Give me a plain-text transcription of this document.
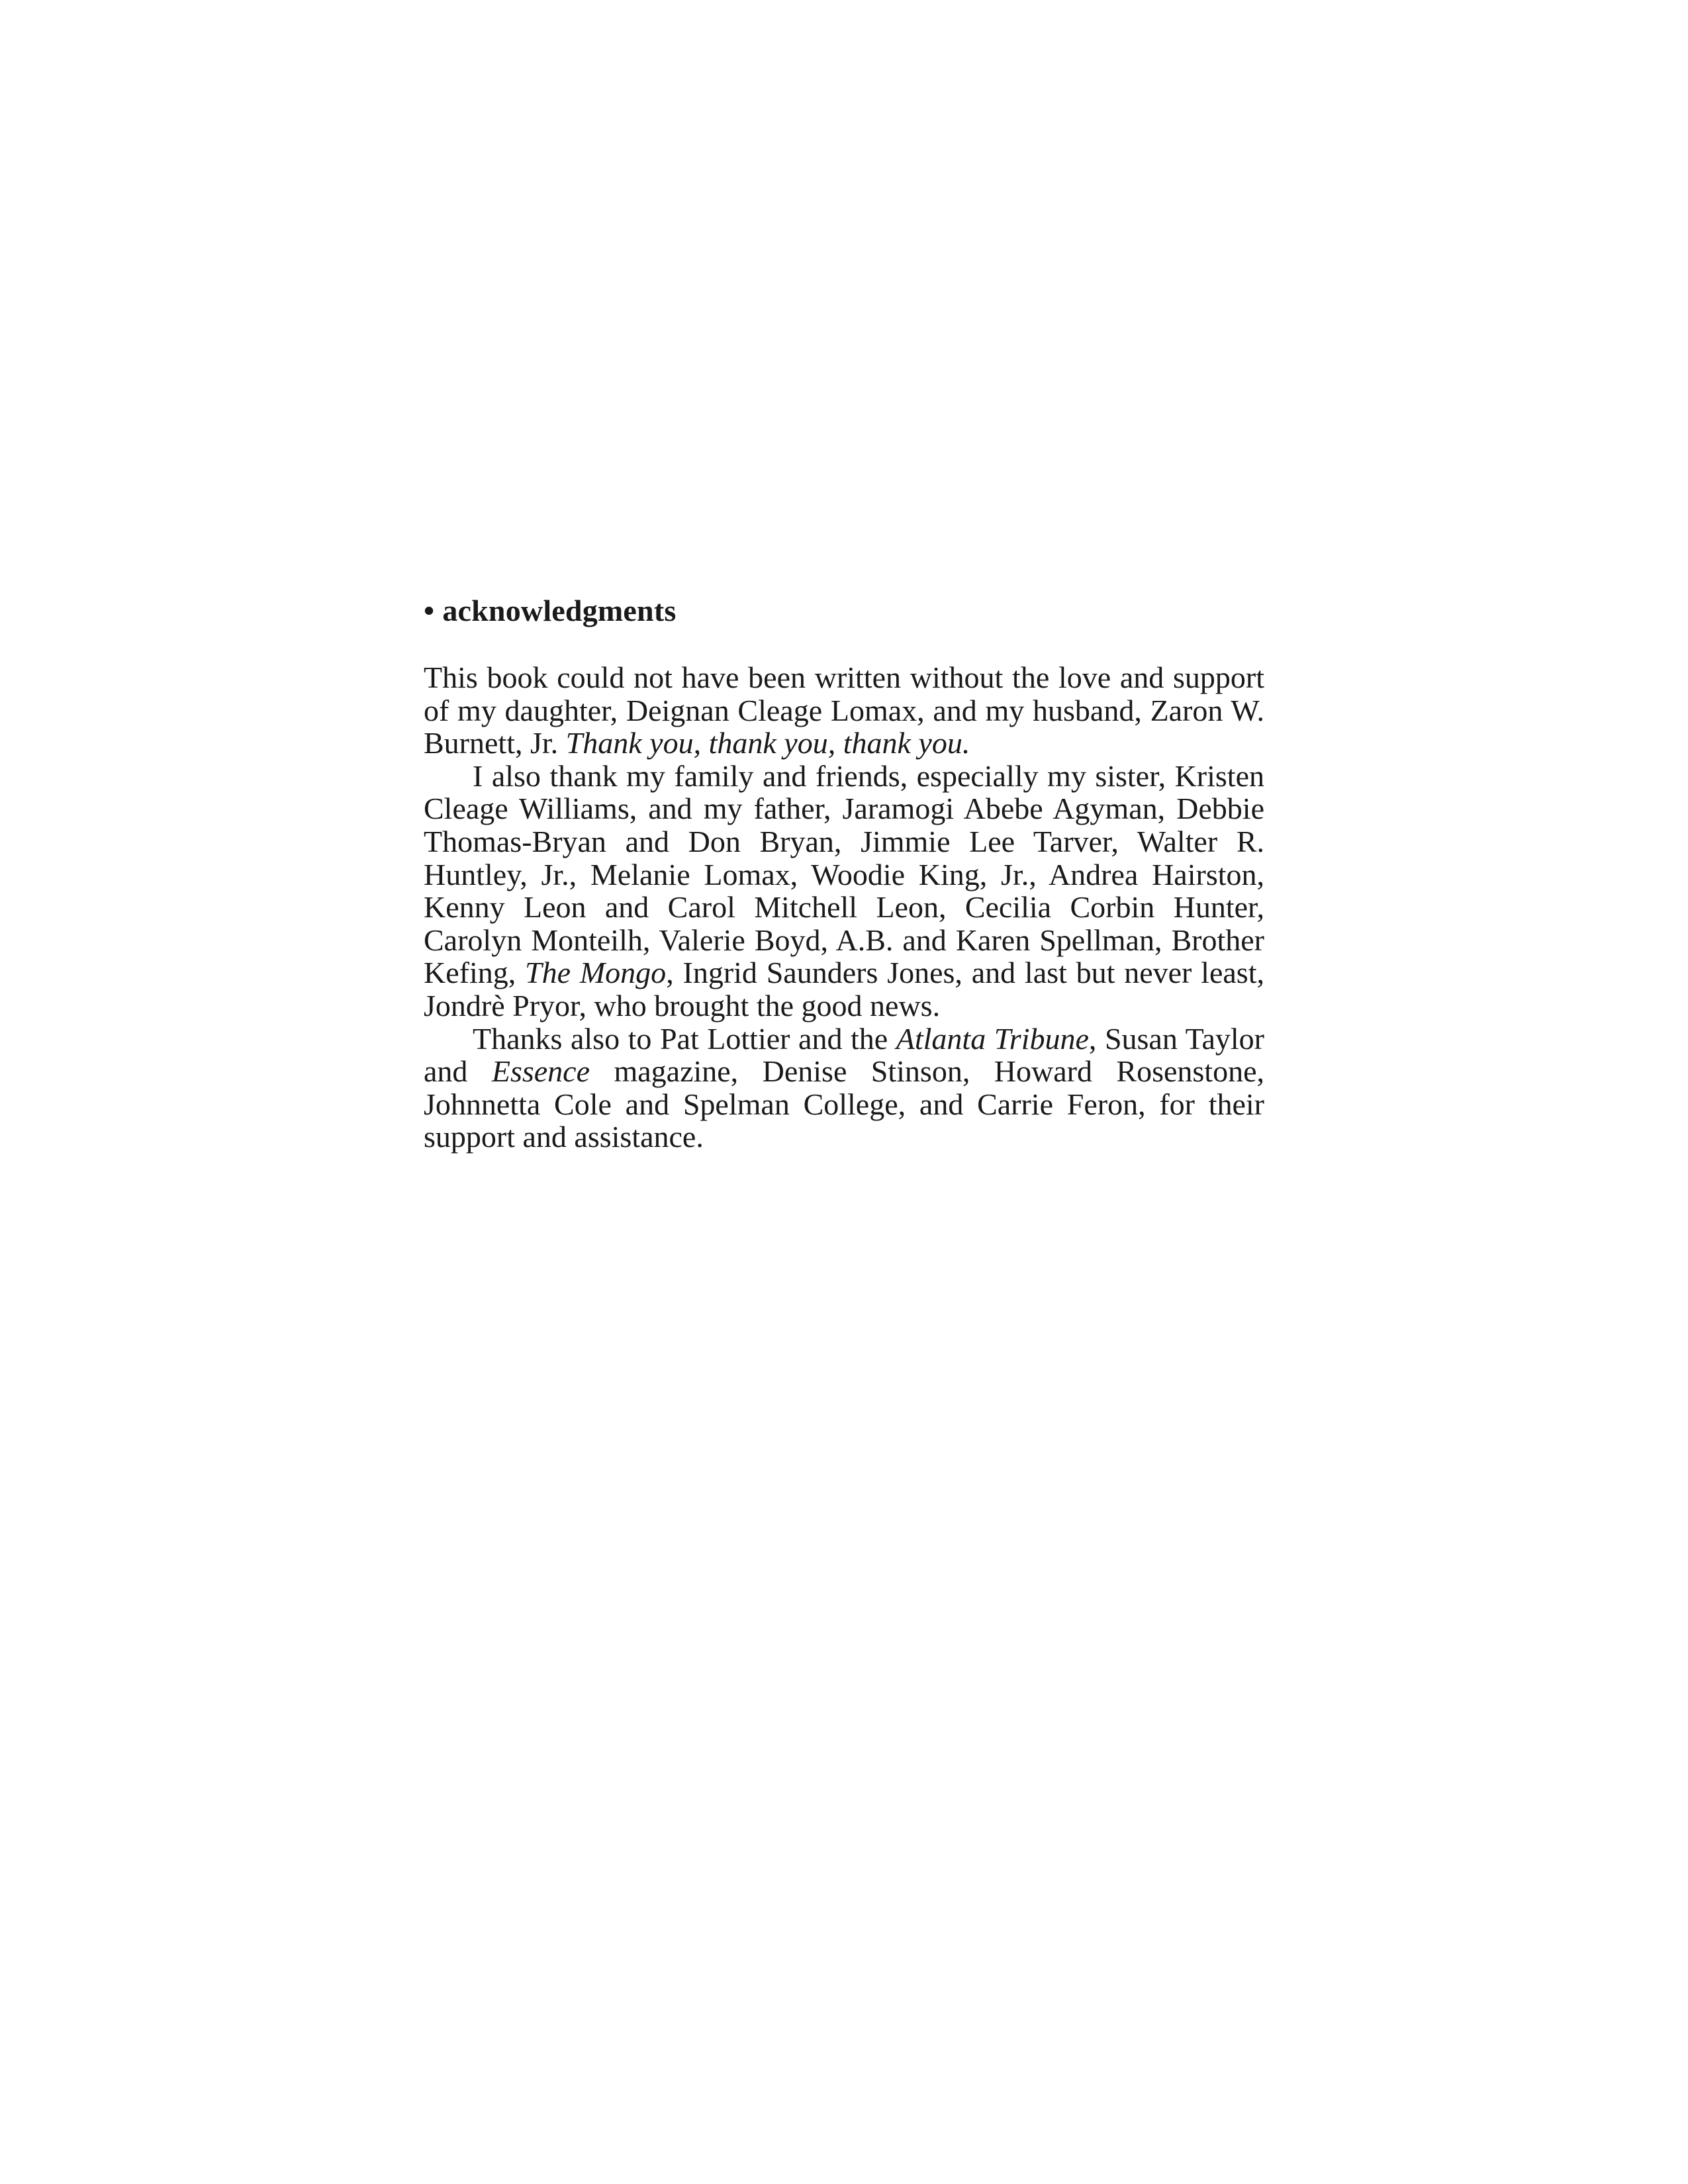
• acknowledgments

This book could not have been written without the love and support of my daughter, Deignan Cleage Lomax, and my husband, Zaron W. Burnett, Jr. Thank you, thank you, thank you.

I also thank my family and friends, especially my sister, Kristen Cleage Williams, and my father, Jaramogi Abebe Agyman, Debbie Thomas-Bryan and Don Bryan, Jimmie Lee Tarver, Walter R. Huntley, Jr., Melanie Lomax, Woodie King, Jr., Andrea Hairston, Kenny Leon and Carol Mitchell Leon, Cecilia Corbin Hunter, Carolyn Monteilh, Valerie Boyd, A.B. and Karen Spellman, Brother Kefing, The Mongo, Ingrid Saunders Jones, and last but never least, Jondrè Pryor, who brought the good news.

Thanks also to Pat Lottier and the Atlanta Tribune, Susan Taylor and Essence magazine, Denise Stinson, Howard Rosenstone, Johnnetta Cole and Spelman College, and Carrie Feron, for their support and assistance.
